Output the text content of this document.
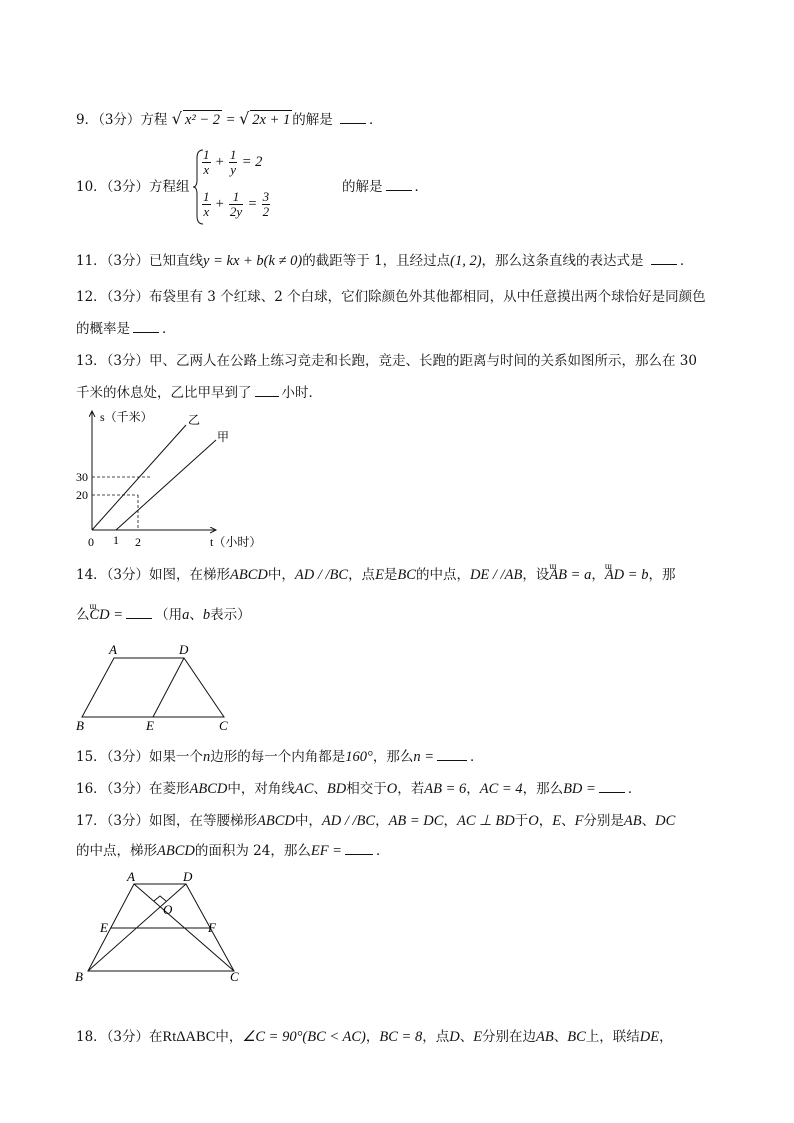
9．（3分）方程 √ x² − 2 = √ 2x + 1 的解是	．
10．（3分）方程组
$\frac{1}{x} + \frac{1}{y} = 2$
$\frac{1}{x} + \frac{1}{2y} = \frac{3}{2}$
的解是 ．
11．（3分）已知直线y = kx + b(k ≠ 0)的截距等于 1，且经过点(1, 2)，那么这条直线的表达式是	．
12．（3分）布袋里有 3 个红球、2 个白球，它们除颜色外其他都相同，从中任意摸出两个球恰好是同颜色
的概率是 ．
13．（3分）甲、乙两人在公路上练习竞走和长跑，竞走、长跑的距离与时间的关系如图所示，那么在 30
千米的休息处，乙比甲早到了 小时．
s（千米）
t（小时）
0 1 2
30
20
乙
甲
14．（3分）如图，在梯形ABCD中，AD / /BC，点E是BC的中点，DE / /AB，设ɯ AB = a，ɯ AD = b，那
么ɯ CD = （用a、b表示）
A	D
B	E	C
15．（3分）如果一个n边形的每一个内角都是160°，那么n =	．
16．（3分）在菱形ABCD中，对角线AC、BD相交于O，若AB = 6，AC = 4，那么BD = ．
17．（3分）如图，在等腰梯形ABCD中，AD / /BC，AB = DC，AC ⊥ BD于O，E、F分别是AB、DC
的中点，梯形ABCD的面积为 24，那么EF =	．
A	D
O
E	F
B	C
18．（3分）在RtΔABC中，∠C = 90°(BC < AC)，BC = 8，点D、E分别在边AB、BC上，联结DE，
